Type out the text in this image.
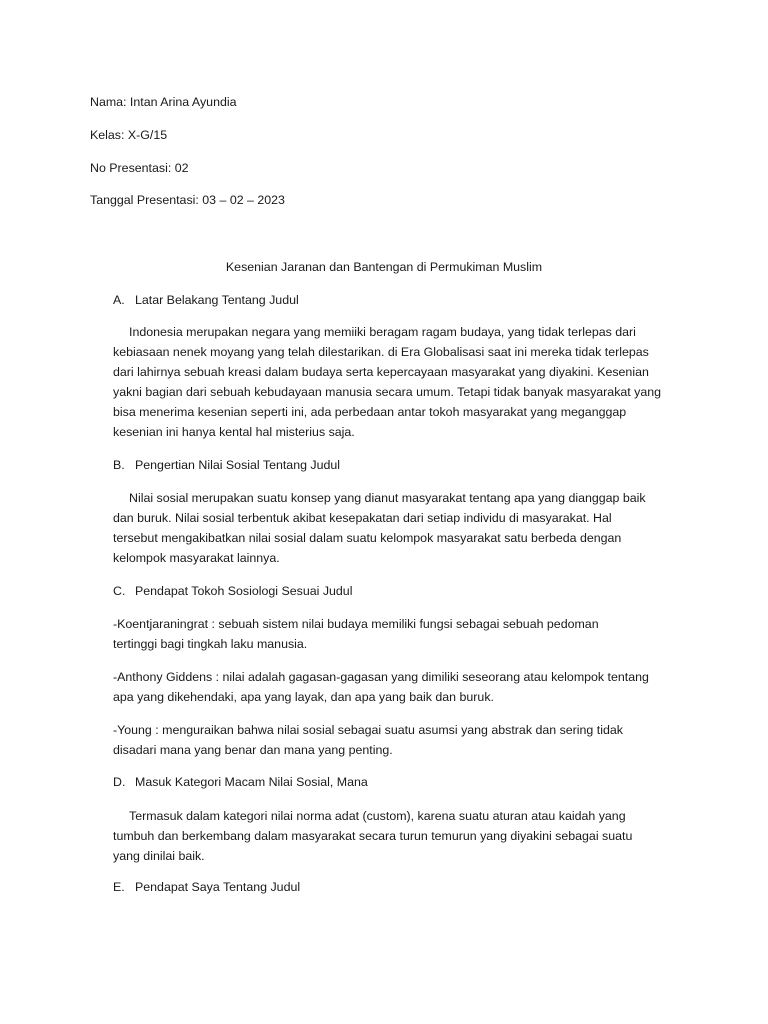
Nama: Intan Arina Ayundia
Kelas: X-G/15
No Presentasi: 02
Tanggal Presentasi: 03 – 02 – 2023
Kesenian Jaranan dan Bantengan di Permukiman Muslim
A. Latar Belakang Tentang Judul
Indonesia merupakan negara yang memiiki beragam ragam budaya, yang tidak terlepas dari
kebiasaan nenek moyang yang telah dilestarikan. di Era Globalisasi saat ini mereka tidak terlepas
dari lahirnya sebuah kreasi dalam budaya serta kepercayaan masyarakat yang diyakini. Kesenian
yakni bagian dari sebuah kebudayaan manusia secara umum. Tetapi tidak banyak masyarakat yang
bisa menerima kesenian seperti ini, ada perbedaan antar tokoh masyarakat yang meganggap
kesenian ini hanya kental hal misterius saja.
B. Pengertian Nilai Sosial Tentang Judul
Nilai sosial merupakan suatu konsep yang dianut masyarakat tentang apa yang dianggap baik
dan buruk. Nilai sosial terbentuk akibat kesepakatan dari setiap individu di masyarakat. Hal
tersebut mengakibatkan nilai sosial dalam suatu kelompok masyarakat satu berbeda dengan
kelompok masyarakat lainnya.
C. Pendapat Tokoh Sosiologi Sesuai Judul
-Koentjaraningrat : sebuah sistem nilai budaya memiliki fungsi sebagai sebuah pedoman
tertinggi bagi tingkah laku manusia.
-Anthony Giddens : nilai adalah gagasan-gagasan yang dimiliki seseorang atau kelompok tentang
apa yang dikehendaki, apa yang layak, dan apa yang baik dan buruk.
-Young : menguraikan bahwa nilai sosial sebagai suatu asumsi yang abstrak dan sering tidak
disadari mana yang benar dan mana yang penting.
D. Masuk Kategori Macam Nilai Sosial, Mana
Termasuk dalam kategori nilai norma adat (custom), karena suatu aturan atau kaidah yang
tumbuh dan berkembang dalam masyarakat secara turun temurun yang diyakini sebagai suatu
yang dinilai baik.
E. Pendapat Saya Tentang Judul
